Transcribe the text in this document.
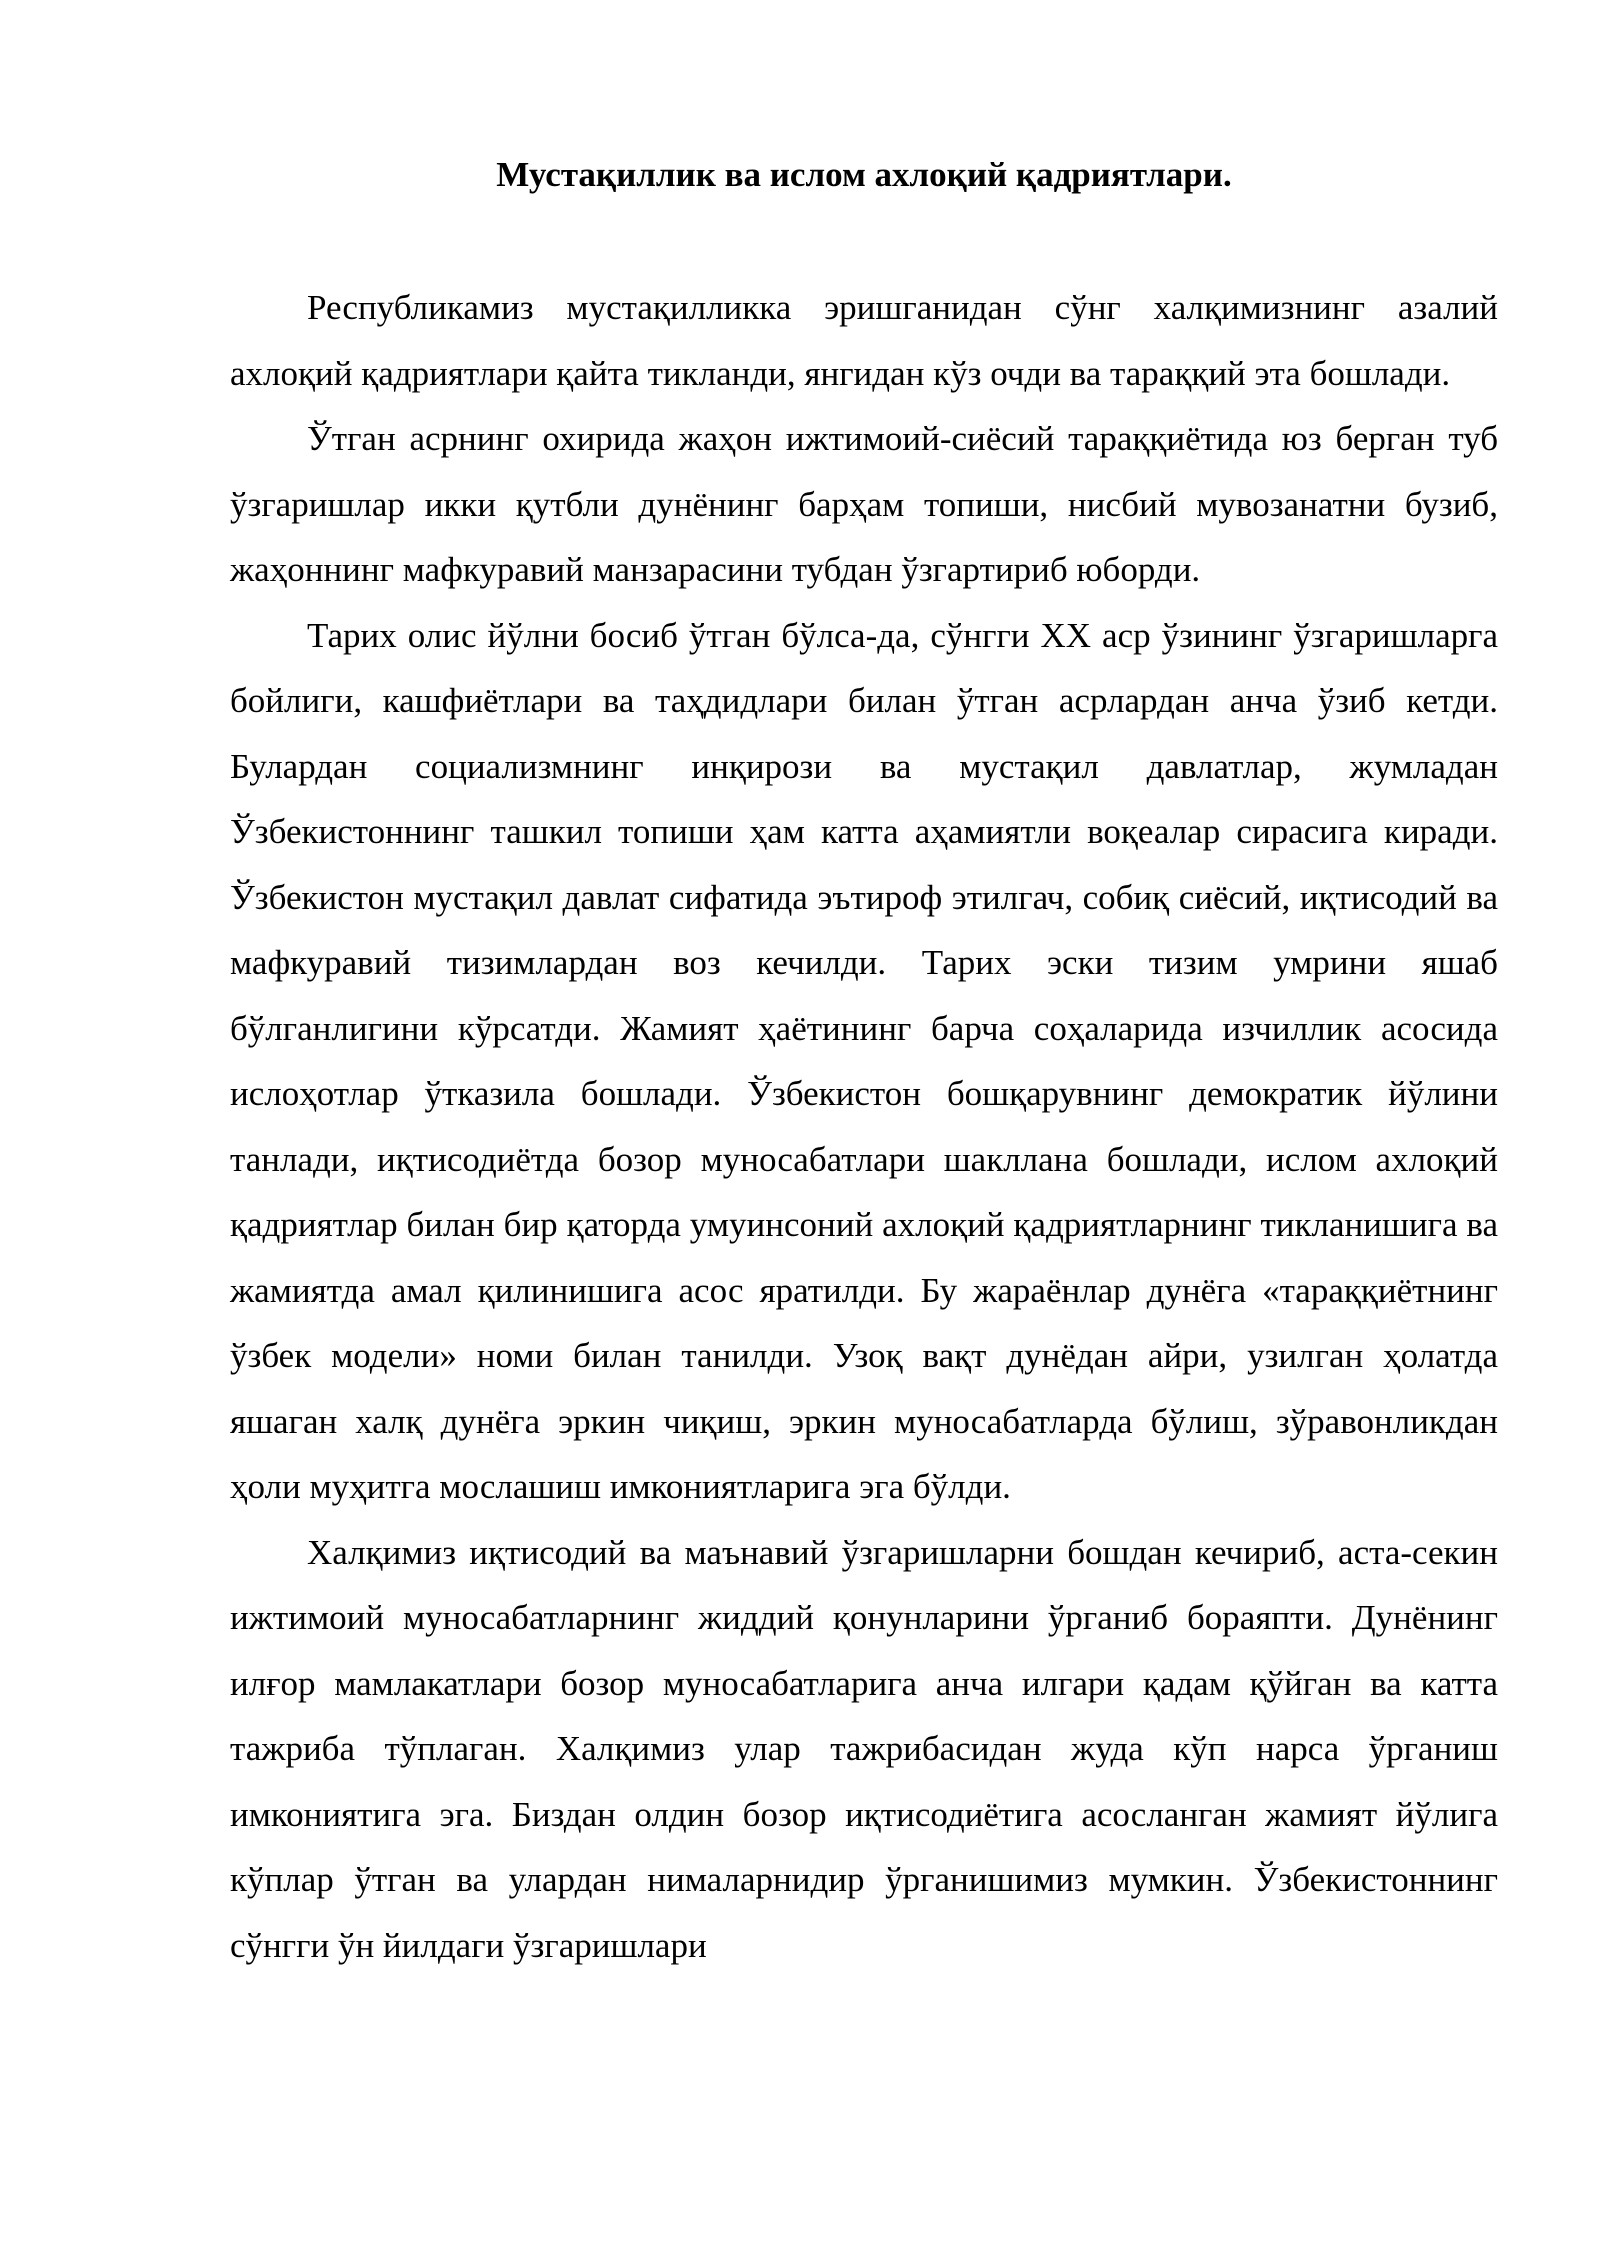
Мустақиллик ва ислом ахлоқий қадриятлари.

Республикамиз мустақилликка эришганидан сўнг халқимизнинг азалий ахлоқий қадриятлари қайта тикланди, янгидан кўз очди ва тараққий эта бошлади.

Ўтган асрнинг охирида жаҳон ижтимоий-сиёсий тараққиётида юз берган туб ўзгаришлар икки қутбли дунёнинг барҳам топиши, нисбий мувозанатни бузиб, жаҳоннинг мафкуравий манзарасини тубдан ўзгартириб юборди.

Тарих олис йўлни босиб ўтган бўлса-да, сўнгги XX аср ўзининг ўзгаришларга бойлиги, кашфиётлари ва таҳдидлари билан ўтган асрлардан анча ўзиб кетди. Булардан социализмнинг инқирози ва мустақил давлатлар, жумладан Ўзбекистоннинг ташкил топиши ҳам катта аҳамиятли воқеалар сирасига киради. Ўзбекистон мустақил давлат сифатида эътироф этилгач, собиқ сиёсий, иқтисодий ва мафкуравий тизимлардан воз кечилди. Тарих эски тизим умрини яшаб бўлганлигини кўрсатди. Жамият ҳаётининг барча соҳаларида изчиллик асосида ислоҳотлар ўтказила бошлади. Ўзбекистон бошқарувнинг демократик йўлини танлади, иқтисодиётда бозор муносабатлари шакллана бошлади, ислом ахлоқий қадриятлар билан бир қаторда умуинсоний ахлоқий қадриятларнинг тикланишига ва жамиятда амал қилинишига асос яратилди. Бу жараёнлар дунёга «тараққиётнинг ўзбек модели» номи билан танилди. Узоқ вақт дунёдан айри, узилган ҳолатда яшаган халқ дунёга эркин чиқиш, эркин муносабатларда бўлиш, зўравонликдан ҳоли муҳитга мослашиш имкониятларига эга бўлди.

Халқимиз иқтисодий ва маънавий ўзгаришларни бошдан кечириб, аста-секин ижтимоий муносабатларнинг жиддий қонунларини ўрганиб бораяпти. Дунёнинг илғор мамлакатлари бозор муносабатларига анча илгари қадам қўйган ва катта тажриба тўплаган. Халқимиз улар тажрибасидан жуда кўп нарса ўрганиш имкониятига эга. Биздан олдин бозор иқтисодиётига асосланган жамият йўлига кўплар ўтган ва улардан нималарнидир ўрганишимиз мумкин. Ўзбекистоннинг сўнгги ўн йилдаги ўзгаришлари
